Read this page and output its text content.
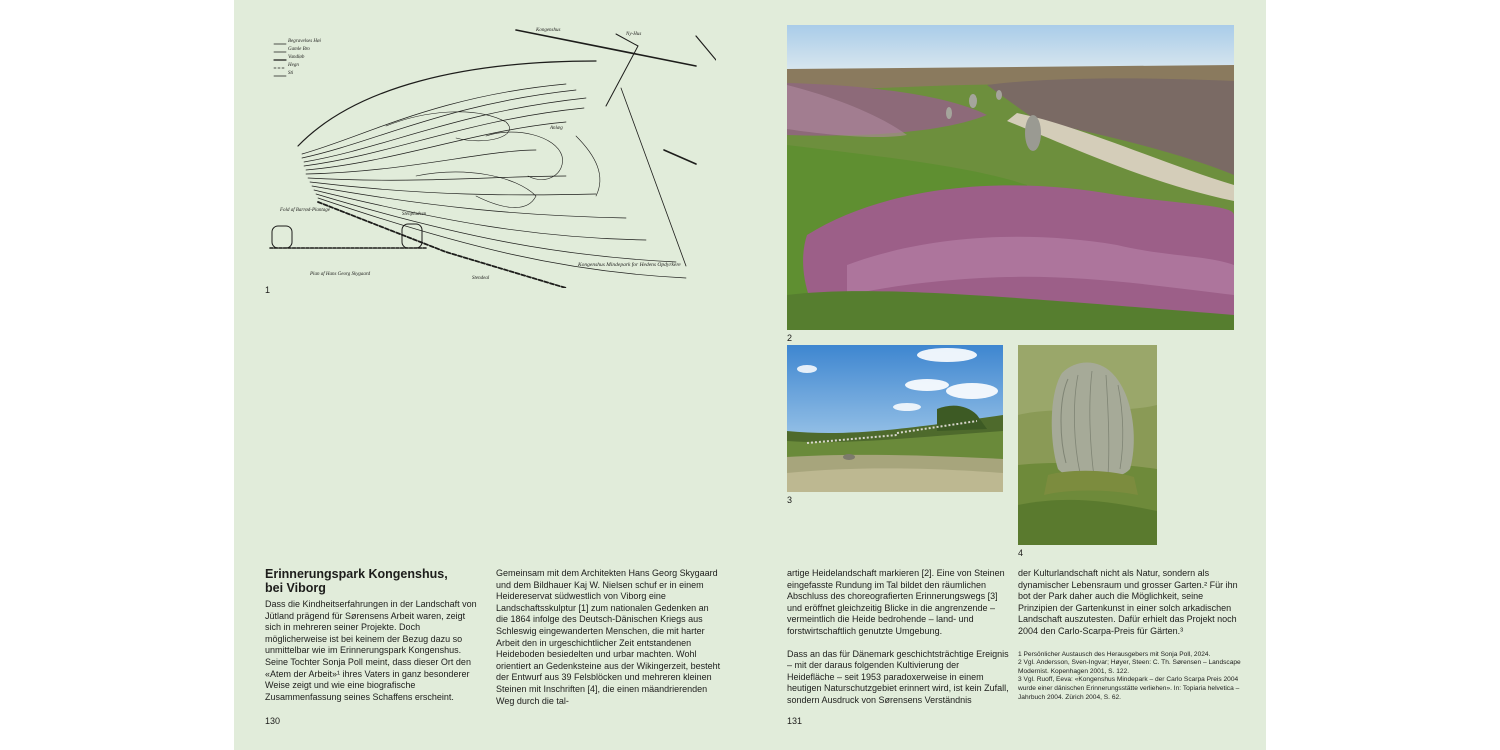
Begravelses Høi
Gamle Bro
Vandløb
Hegn
Sti
Kongenshus
Fold af Barrød-Plantage
Stenpladsen
Plan af Hans Georg Skygaard
Anlæg
Ny-Hus
Stendeal
Kongenshus Mindepark for Hedens Opdyrkere
1
Erinnerungspark Kongenshus,
bei Viborg

Dass die Kindheitserfahrungen in der Landschaft von Jütland prägend für Sørensens Arbeit waren, zeigt sich in mehreren seiner Projekte. Doch möglicherweise ist bei keinem der Bezug dazu so unmittelbar wie im Erinnerungspark Kongenshus. Seine Tochter Sonja Poll meint, dass dieser Ort den «Atem der Arbeit»¹ ihres Vaters in ganz besonderer Weise zeigt und wie eine biografische Zusammenfassung seines Schaffens erscheint.

Gemeinsam mit dem Architekten Hans Georg Skygaard und dem Bildhauer Kaj W. Nielsen schuf er in einem Heidereservat südwestlich von Viborg eine Landschaftsskulptur [1] zum nationalen Gedenken an die 1864 infolge des Deutsch-Dänischen Kriegs aus Schleswig eingewanderten Menschen, die mit harter Arbeit den in urgeschichtlicher Zeit entstandenen Heideboden besiedelten und urbar machten. Wohl orientiert an Gedenksteine aus der Wikingerzeit, besteht der Entwurf aus 39 Felsblöcken und mehreren kleinen Steinen mit Inschriften [4], die einen mäandrierenden Weg durch die tal-

130
2
3
4

artige Heidelandschaft markieren [2]. Eine von Steinen eingefasste Rundung im Tal bildet den räumlichen Abschluss des choreografierten Erinnerungswegs [3] und eröffnet gleichzeitig Blicke in die angrenzende – vermeintlich die Heide bedrohende – land- und forstwirtschaftlich genutzte Umgebung.

Dass an das für Dänemark geschichtsträchtige Ereignis – mit der daraus folgenden Kultivierung der Heidefläche – seit 1953 paradoxerweise in einem heutigen Naturschutzgebiet erinnert wird, ist kein Zufall, sondern Ausdruck von Sørensens Verständnis

der Kulturlandschaft nicht als Natur, sondern als dynamischer Lebensraum und grosser Garten.² Für ihn bot der Park daher auch die Möglichkeit, seine Prinzipien der Gartenkunst in einer solch arkadischen Landschaft auszutesten. Dafür erhielt das Projekt noch 2004 den Carlo-Scarpa-Preis für Gärten.³

1 Persönlicher Austausch des Herausgebers mit Sonja Poll, 2024.

2 Vgl. Andersson, Sven-Ingvar; Høyer, Steen: C. Th. Sørensen – Landscape Modernist. Kopenhagen 2001, S. 122.

3 Vgl. Ruoff, Eeva: «Kongenshus Mindepark – der Carlo Scarpa Preis 2004 wurde einer dänischen Erinnerungsstätte verliehen». In: Topiaria helvetica – Jahrbuch 2004. Zürich 2004, S. 62.

131
